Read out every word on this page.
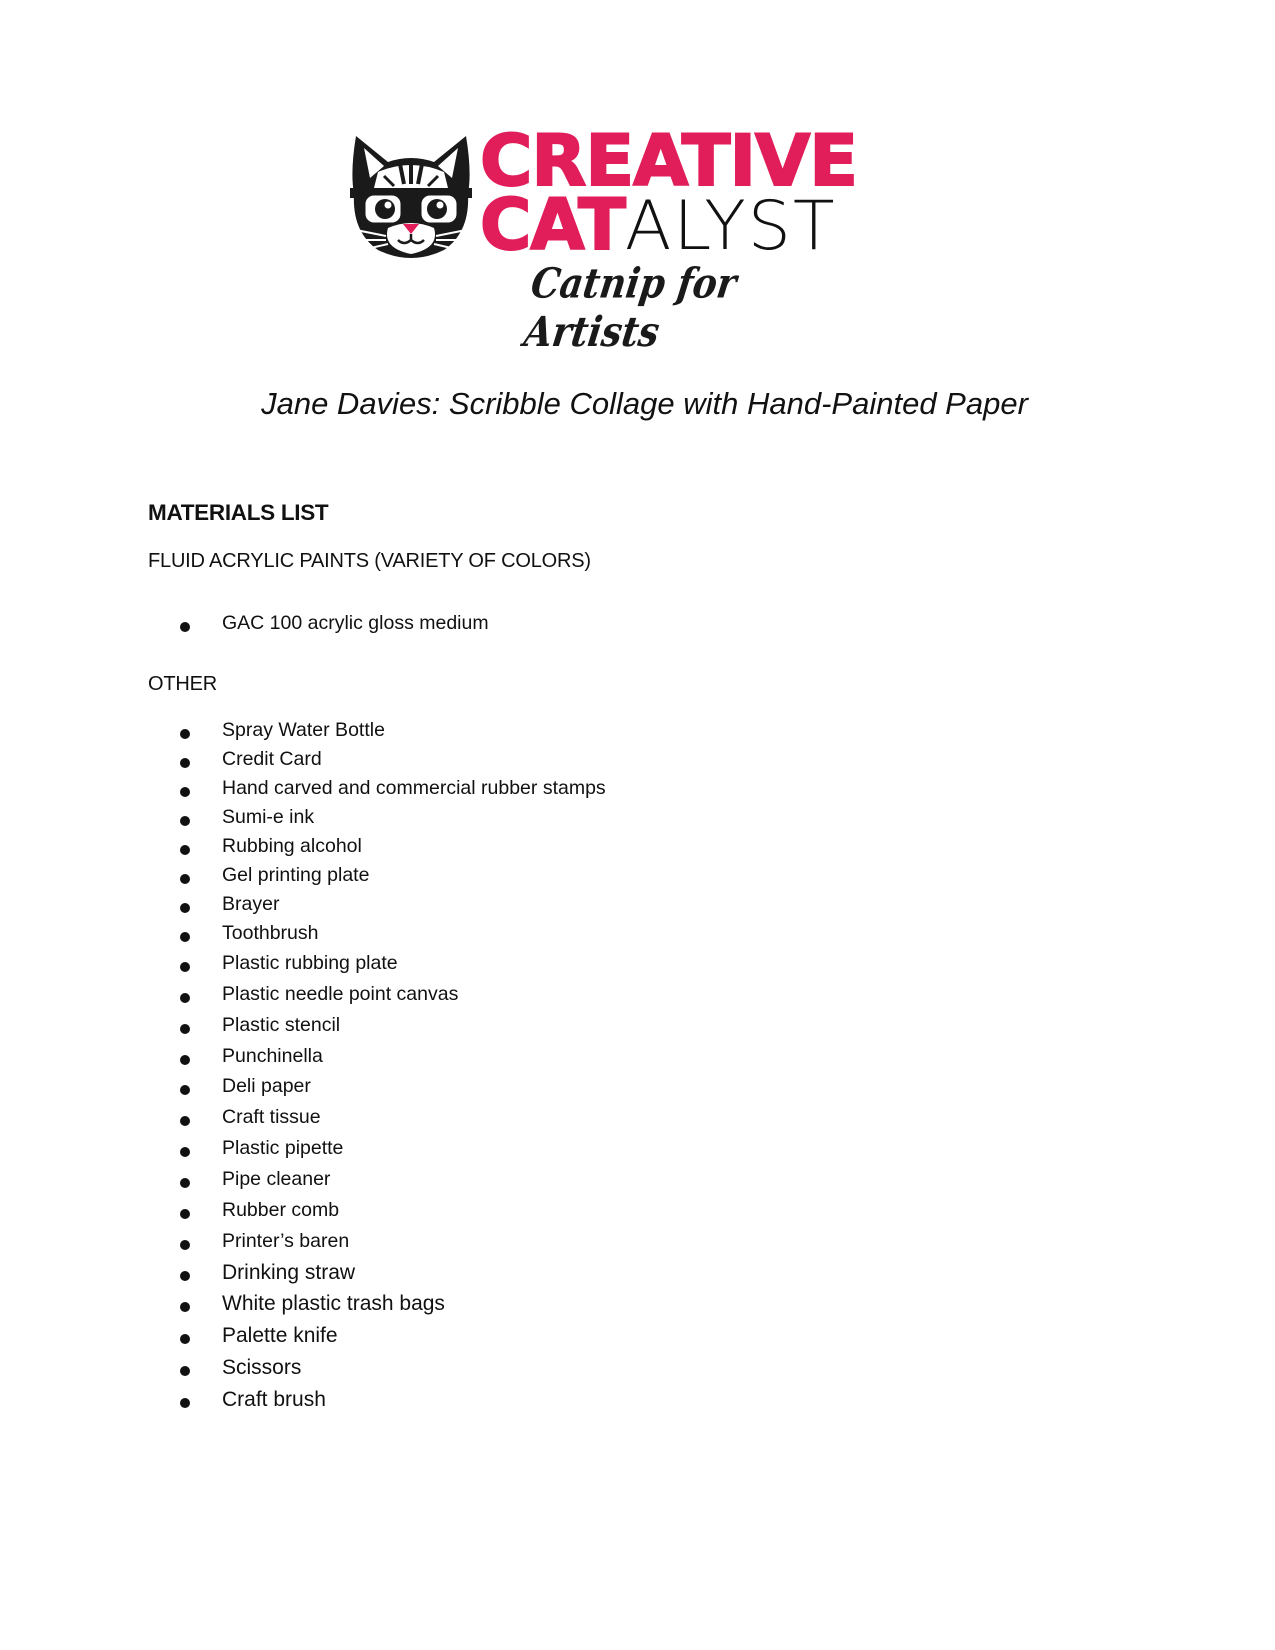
CREATIVE
CATALYST
Catnip for Artists
Jane Davies: Scribble Collage with Hand-Painted Paper
MATERIALS LIST
FLUID ACRYLIC PAINTS (VARIETY OF COLORS)
GAC 100 acrylic gloss medium
OTHER
Spray Water Bottle
Credit Card
Hand carved and commercial rubber stamps
Sumi-e ink
Rubbing alcohol
Gel printing plate
Brayer
Toothbrush
Plastic rubbing plate
Plastic needle point canvas
Plastic stencil
Punchinella
Deli paper
Craft tissue
Plastic pipette
Pipe cleaner
Rubber comb
Printer’s baren
Drinking straw
White plastic trash bags
Palette knife
Scissors
Craft brush
